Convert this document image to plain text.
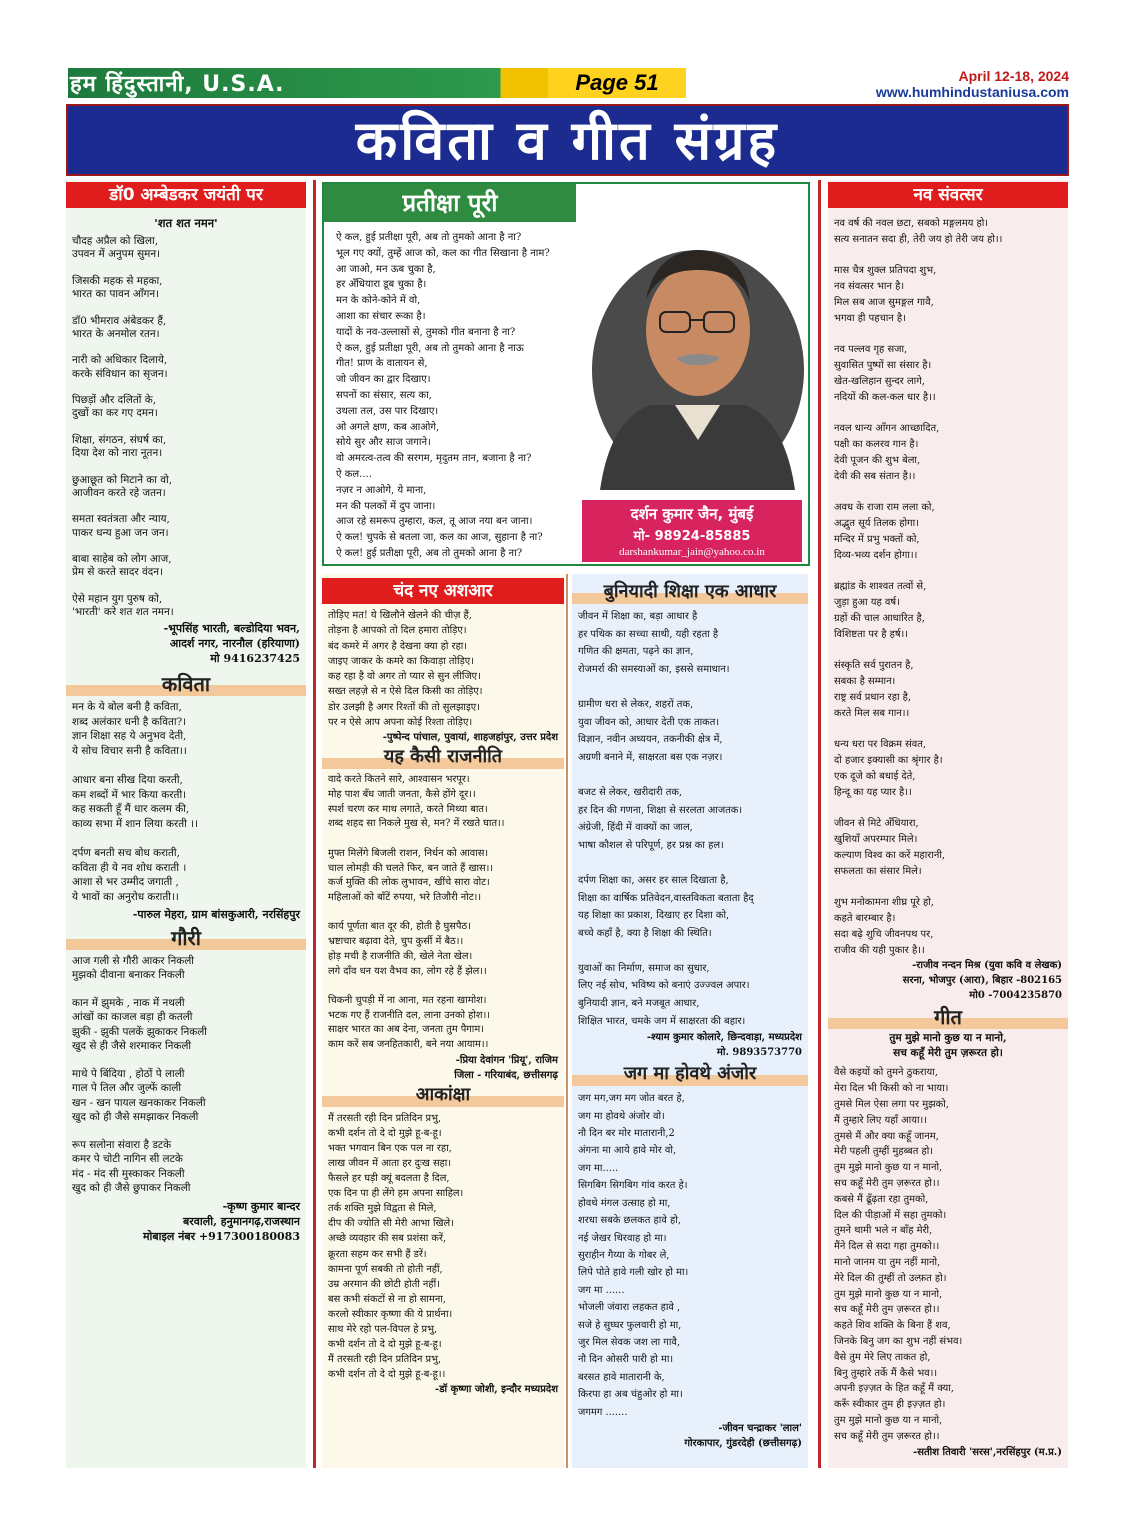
हम हिंदुस्तानी, U.S.A.	Page 51	April 12-18, 2024
www.humhindustaniusa.com
कविता व गीत संग्रह
डॉ0 अम्बेडकर जयंती पर
'शत शत नमन'
चौदह अप्रैल को खिला,
उपवन में अनुपम सुमन।

जिसकी महक से महका,
भारत का पावन आँगन।

डॉ0 भीमराव अंबेडकर हैं,
भारत के अनमोल रतन।

नारी को अधिकार दिलाये,
करके संविधान का सृजन।

पिछड़ों और दलितों के,
दुखों का कर गए दमन।

शिक्षा, संगठन, संघर्ष का,
दिया देश को नारा नूतन।

छुआछूत को मिटाने का वो,
आजीवन करते रहे जतन।

समता स्वतंत्रता और न्याय,
पाकर धन्य हुआ जन जन।

बाबा साहेब को लोग आज,
प्रेम से करते सादर वंदन।

ऐसे महान युग पुरुष को,
'भारती' करे शत शत नमन।
-भूपसिंह भारती, बल्डोदिया भवन,
आदर्श नगर, नारनौल (हरियाणा)
मो 9416237425
कविता
मन के ये बोल बनी है कविता,
शब्द अलंकार धनी है कविता?।
ज्ञान शिक्षा सह ये अनुभव देती,
ये सोच विचार सनी है कविता।।

आधार बना सीख दिया करती,
कम शब्दों में भार किया करती।
कह सकती हूँ मैं धार कलम की,
काव्य सभा में शान लिया करती ।।

दर्पण बनती सच बोध कराती,
कविता ही ये नव शोध कराती ।
आशा से भर उम्मीद जगाती ,
ये भावों का अनुरोध कराती।।
-पारुल मेहरा, ग्राम बांसकुआरी, नरसिंहपुर
गौरी
आज गली से गौरी आकर निकली
मुझको दीवाना बनाकर निकली

कान में झुमके , नाक में नथली
आंखों का काजल बड़ा ही कतली
झुकी - झुकी पलकें झुकाकर निकली
खुद से ही जैसे शरमाकर निकली

माथे पे बिंदिया , होठों पे लाली
गाल पे तिल और जुल्फें काली
खन - खन पायल खनकाकर निकली
खुद को ही जैसे समझाकर निकली

रूप सलोना संवारा है डटके
कमर पे चोटी नागिन सी लटके
मंद - मंद सी मुस्काकर निकली
खुद को ही जैसे छुपाकर निकली
-कृष्ण कुमार बान्दर
बरवाली, हनुमानगढ़,राजस्थान
मोबाइल नंबर +917300180083
प्रतीक्षा पूरी
ऐ कल, हुई प्रतीक्षा पूरी, अब तो तुमको आना है ना?
भूल गए क्यों, तुम्हें आज को, कल का गीत सिखाना है नाम?
आ जाओ, मन ऊब चुका है,
हर अँधियारा डूब चुका है।
मन के कोने-कोने में वो,
आशा का संचार रूका है।
यादों के नव-उल्लासों से, तुमको गीत बनाना है ना?
ऐ कल, हुई प्रतीक्षा पूरी, अब तो तुमको आना है नाऊ
गीत! प्राण के वातायन से,
जो जीवन का द्वार दिखाए।
सपनों का संसार, सत्य का,
उथला तल, उस पार दिखाए।
ओ अगले क्षण, कब आओगे,
सोये सुर और साज जगाने।
वो अमरत्व-तत्व की सरगम, मृदुतम तान, बजाना है ना?
ऐ कल....
नज़र न आओगे, ये माना,
मन की पलकों में दुप जाना।
आज रहे समरूप तुम्हारा, कल, तू आज नया बन जाना।
ऐ कल! चुपके से बतला जा, कल का आज, सुहाना है ना?
ऐ कल! हुई प्रतीक्षा पूरी, अब तो तुमको आना है ना?
दर्शन कुमार जैन, मुंबई
मो- 98924-85885
darshankumar_jain@yahoo.co.in
चंद नए अशआर
तोड़िए मत! ये खिलौने खेलने की चीज़ हैं,
तोड़ना है आपको तो दिल हमारा तोड़िए।
बंद कमरे में अगर है देखना क्या हो रहा।
जाइए जाकर के कमरे का किवाड़ा तोड़िए।
कह रहा है वो अगर तो प्यार से सुन लीजिए।
सख्त लहज़े से न ऐसे दिल किसी का तोड़िए।
डोर उलझी है अगर रिश्तों की तो सुलझाइए।
पर न ऐसे आप अपना कोई रिश्ता तोड़िए।
-पुष्पेन्द पांचाल, पुवायां, शाहजहांपुर, उत्तर प्रदेश
यह कैसी राजनीति
वादे करते कितने सारे, आश्वासन भरपूर।
मोह पाश बँध जाती जनता, कैसे होंगे दूर।।
स्पर्श चरण कर माथ लगाते, करते मिथ्या बात।
शब्द शहद सा निकले मुख से, मन? में रखते घात।।

मुफ्त मिलेंगे बिजली राशन, निर्धन को आवास।
चाल लोमड़ी की चलते फिर, बन जाते हैं खास।।
कर्ज मुक्ति की लोक लुभावन, खींचे सारा वोट।
महिलाओं को बाँटें रुपया, भरे तिजौरी नोट।।

कार्य पूर्णता बात दूर की, होती है घुसपैठ।
भ्रष्टाचार बढ़ावा देते, चुप कुर्सी में बैठ।।
होड़ मची है राजनीति की, खेले नेता खेल।
लगे दाँव धन यश वैभव का, लोग रहे हैं झेल।।

चिकनी चुपड़ी में ना आना, मत रहना खामोश।
भटक गए हैं राजनीति दल, लाना उनको होश।।
साक्षर भारत का अब देना, जनता तुम पैगाम।
काम करें सब जनहितकारी, बने नया आयाम।।
-प्रिया देवांगन 'प्रियू', राजिम
जिला - गरियाबंद, छत्तीसगढ़
आकांक्षा
मैं तरसती रही दिन प्रतिदिन प्रभु,
कभी दर्शन तो दे दो मुझे हू-ब-हू।
भक्त भगवान बिन एक पल ना रहा,
लाख जीवन में आता हर दुःख सहा।
फैसले हर घड़ी क्यूं बदलता है दिल,
एक दिन पा ही लेंगे हम अपना साहिल।
तर्क शक्ति मुझे विद्वता से मिले,
दीप की ज्योति सी मेरी आभा खिले।
अच्छे व्यवहार की सब प्रशंसा करें,
क्रूरता सहम कर सभी हैं डरें।
कामना पूर्ण सबकी तो होती नहीं,
उम्र अरमान की छोटी होती नहीं।
बस कभी संकटों से ना हो सामना,
करलो स्वीकार कृष्णा की ये प्रार्थना।
साथ मेरे रहो पल-विपल हे प्रभु,
कभी दर्शन तो दे दो मुझे हू-ब-हू।
मैं तरसती रही दिन प्रतिदिन प्रभु,
कभी दर्शन तो दे दो मुझे हू-ब-हू।।
-डॉ कृष्णा जोशी, इन्दौर मध्यप्रदेश
बुनियादी शिक्षा एक आधार
जीवन में शिक्षा का, बड़ा आधार है
हर पथिक का सच्चा साथी, यही रहता है
गणित की क्षमता, पढ़ने का ज्ञान,
रोजमर्रा की समस्याओं का, इससे समाधान।

ग्रामीण धरा से लेकर, शहरों तक,
युवा जीवन को, आधार देती एक ताकत।
विज्ञान, नवीन अध्ययन, तकनीकी क्षेत्र में,
अग्रणी बनाने में, साक्षरता बस एक नज़र।

बजट से लेकर, खरीदारी तक,
हर दिन की गणना, शिक्षा से सरलता आजतक।
अंग्रेजी, हिंदी में वाक्यों का जाल,
भाषा कौशल से परिपूर्ण, हर प्रश्न का हल।

दर्पण शिक्षा का, असर हर साल दिखाता है,
शिक्षा का वार्षिक प्रतिवेदन,वास्तविकता बताता हैद्
यह शिक्षा का प्रकाश, दिखाए हर दिशा को,
बच्चे कहाँ है, क्या है शिक्षा की स्थिति।

युवाओं का निर्माण, समाज का सुधार,
लिए नई सोच, भविष्य को बनाएं उज्ज्वल अपार।
बुनियादी ज्ञान, बने मजबूत आधार,
शिक्षित भारत, चमके जग में साक्षरता की बहार।
-श्याम कुमार कोलारे, छिन्दवाड़ा, मध्यप्रदेश
मो. 9893573770
जग मा होवथे अंजोर
जग मग,जग मग जोत बरत हे,
जग मा होवथे अंजोर वो।
नौ दिन बर मोर मातारानी,2
अंगना मा आये हावे मोर वो,
जग मा.....
सिगबिग सिगबिग गांव करत हे।
होवथे मंगल उत्साह हो मा,
शरधा सबके छलकत हावे हो,
नई जेखर थिरवाह हो मा।
सुराहीन गैय्या के गोबर ले,
लिपे पोते हावे गली खोर हो मा।
जग मा ......
भोजली जंवारा लहकत हावे ,
सजे हे सुघ्घर फुलवारी हो मा,
जुर मिल सेवक जश ला गावै,
नौ दिन ओसरी पारी हो मा।
बरसत हावे मातारानी के,
किरपा हा अब चंहुओर हो मा।
जगमग .......
-जीवन चन्द्राकर 'लाल'
गोरकापार, गुंडरदेही (छत्तीसगढ़)
नव संवत्सर
नव वर्ष की नवल छटा, सबको मङ्गलमय हो।
सत्य सनातन सदा ही, तेरी जय हो तेरी जय हो।।

मास चैत्र शुक्ल प्रतिपदा शुभ,
नव संवत्सर भान है।
मिल सब आज सुमङ्गल गावै,
भगवा ही पहचान है।

नव पल्लव गृह सजा,
सुवासित पुष्पों सा संसार है।
खेत-खलिहान सुन्दर लागे,
नदियों की कल-कल धार है।।

नवल धान्य आँगन आच्छादित,
पक्षी का कलरव गान है।
देवी पूजन की शुभ बेला,
देवी की सब संतान है।।

अवध के राजा राम लला को,
अद्भुत सूर्य तिलक होगा।
मन्दिर में प्रभु भक्तों को,
दिव्य-भव्य दर्शन होगा।।

ब्रह्मांड के शाश्वत तत्वों से,
जुड़ा हुआ यह वर्ष।
ग्रहों की चाल आधारित है,
विशिष्टता पर है हर्ष।।

संस्कृति सर्व पुरातन है,
सबका है सम्मान।
राष्ट्र सर्व प्रधान रहा है,
करते मिल सब गान।।

धन्य धरा पर विक्रम संवत,
दो हजार इक्यासी का श्रृंगार है।
एक दूजे को बधाई देते,
हिन्दू का यह प्यार है।।

जीवन से मिटे अँधियारा,
खुशियाँ अपरम्पार मिले।
कल्याण विश्व का करें महारानी,
सफलता का संसार मिले।

शुभ मनोकामना शीघ्र पूरे हो,
कहते बारम्बार है।
सदा बढ़े शुचि जीवनपथ पर,
राजीव की यही पुकार है।।
-राजीव नन्दन मिश्र (युवा कवि व लेखक)
सरना, भोजपुर (आरा), बिहार -802165
मो0 -7004235870
गीत
तुम मुझे मानो कुछ या न मानो,
सच कहूँ मेरी तुम ज़रूरत हो।
वैसे कइयों को तुमने ठुकराया,
मेरा दिल भी किसी को ना भाया।
तुमसे मिल ऐसा लगा पर मुझको,
मैं तुम्हारे लिए यहाँ आया।।
तुमसे मैं और क्या कहूँ जानम,
मेरी पहली तुम्हीं मुहब्बत हो।
तुम मुझे मानो कुछ या न मानो,
सच कहूँ मेरी तुम ज़रूरत हो।।
कबसे मैं ढूँढ़ता रहा तुमको,
दिल की पीड़ाओं में सहा तुमको।
तुमने थामी भले न बाँह मेरी,
मैंने दिल से सदा गहा तुमको।।
मानो जानम या तुम नहीं मानो,
मेरे दिल की तुम्हीं तो उल्फ़त हो।
तुम मुझे मानो कुछ या न मानो,
सच कहूँ मेरी तुम ज़रूरत हो।।
कहते शिव शक्ति के बिना हैं शव,
जिनके बिनु जग का शुभ नहीं संभव।
वैसे तुम मेरे लिए ताकत हो,
बिनु तुम्हारे तर्के मैं कैसे भव।।
अपनी इज़्ज़त के हित कहूँ मैं क्या,
करूँ स्वीकार तुम ही इज़्ज़त हो।
तुम मुझे मानो कुछ या न मानो,
सच कहूँ मेरी तुम ज़रूरत हो।।
-सतीश तिवारी 'सरस',नरसिंहपुर (म.प्र.)
